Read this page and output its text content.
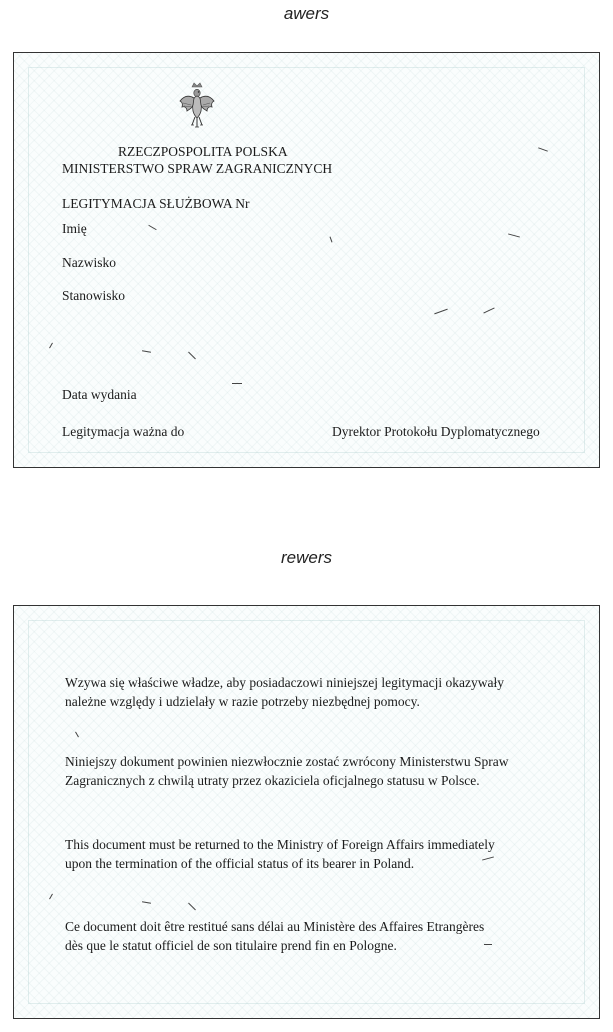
awers
RZECZPOSPOLITA POLSKA
MINISTERSTWO SPRAW ZAGRANICZNYCH
LEGITYMACJA SŁUŻBOWA Nr
Imię
Nazwisko
Stanowisko
Data wydania
Legitymacja ważna do	Dyrektor Protokołu Dyplomatycznego
rewers

Wzywa się właściwe władze, aby posiadaczowi niniejszej legitymacji okazywały
należne względy i udzielały w razie potrzeby niezbędnej pomocy.

Niniejszy dokument powinien niezwłocznie zostać zwrócony Ministerstwu Spraw
Zagranicznych z chwilą utraty przez okaziciela oficjalnego statusu w Polsce.

This document must be returned to the Ministry of Foreign Affairs immediately
upon the termination of the official status of its bearer in Poland.

Ce document doit être restitué sans délai au Ministère des Affaires Etrangères
dès que le statut officiel de son titulaire prend fin en Pologne.
